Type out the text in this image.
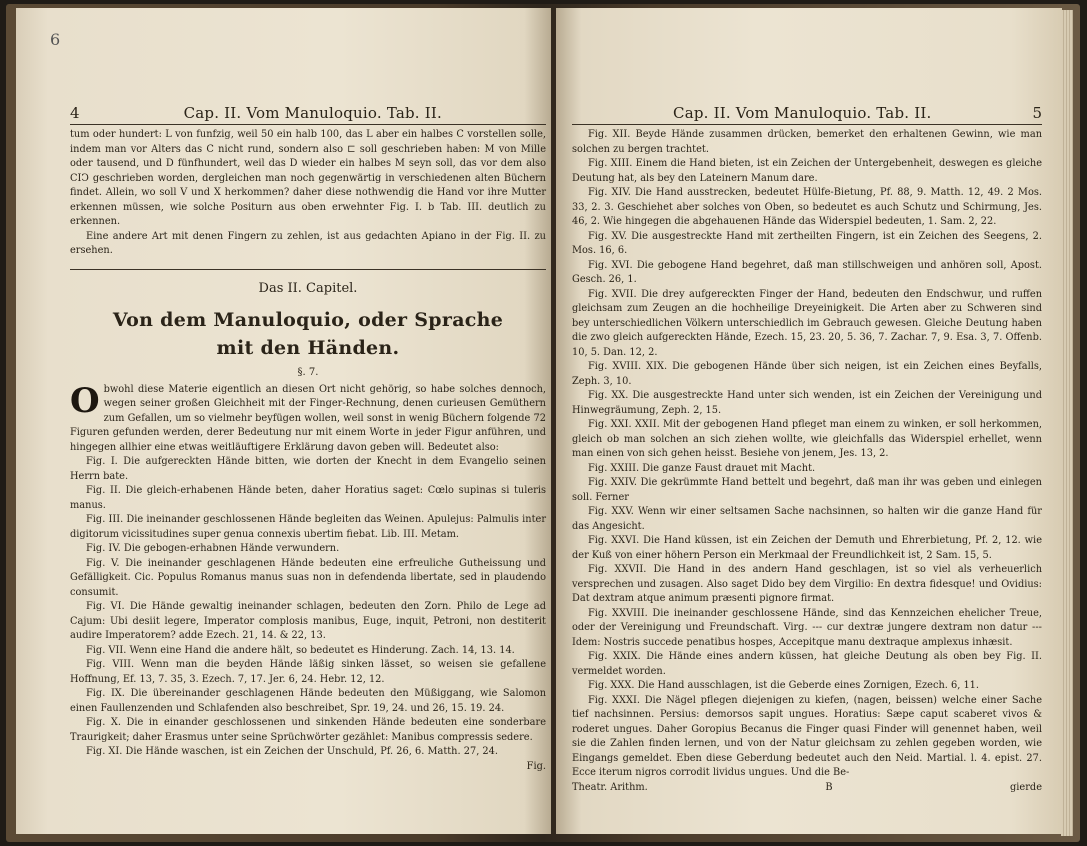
6
4	Cap. II. Vom Manuloquio. Tab. II.

tum oder hundert: L von funfzig, weil 50 ein halb 100, das L aber ein halbes C vorstellen solle, indem man vor Alters das C nicht rund, sondern also ⊏ soll geschrieben haben: M von Mille oder tausend, und D fünfhundert, weil das D wieder ein halbes M seyn soll, das vor dem also CIↃ geschrieben worden, dergleichen man noch gegenwärtig in verschiedenen alten Büchern findet. Allein, wo soll V und X herkommen? daher diese nothwendig die Hand vor ihre Mutter erkennen müssen, wie solche Positurn aus oben erwehnter Fig. I. b Tab. III. deutlich zu erkennen.

Eine andere Art mit denen Fingern zu zehlen, ist aus gedachten Apiano in der Fig. II. zu ersehen.

Das II. Capitel.
Von dem Manuloquio, oder Sprache
mit den Händen.
§. 7.

Obwohl diese Materie eigentlich an diesen Ort nicht gehörig, so habe solches dennoch, wegen seiner großen Gleichheit mit der Finger-Rechnung, denen curieusen Gemüthern zum Gefallen, um so vielmehr beyfügen wollen, weil sonst in wenig Büchern folgende 72 Figuren gefunden werden, derer Bedeutung nur mit einem Worte in jeder Figur anführen, und hingegen allhier eine etwas weitläuftigere Erklärung davon geben will. Bedeutet also:

Fig. I. Die aufgereckten Hände bitten, wie dorten der Knecht in dem Evangelio seinen Herrn bate.

Fig. II. Die gleich-erhabenen Hände beten, daher Horatius saget: Cœlo supinas si tuleris manus.

Fig. III. Die ineinander geschlossenen Hände begleiten das Weinen. Apulejus: Palmulis inter digitorum vicissitudines super genua connexis ubertim fiebat. Lib. III. Metam.

Fig. IV. Die gebogen-erhabnen Hände verwundern.

Fig. V. Die ineinander geschlagenen Hände bedeuten eine erfreuliche Gutheissung und Gefälligkeit. Cic. Populus Romanus manus suas non in defendenda libertate, sed in plaudendo consumit.

Fig. VI. Die Hände gewaltig ineinander schlagen, bedeuten den Zorn. Philo de Lege ad Cajum: Ubi desiit legere, Imperator complosis manibus, Euge, inquit, Petroni, non destiterit audire Imperatorem? adde Ezech. 21, 14. & 22, 13.

Fig. VII. Wenn eine Hand die andere hält, so bedeutet es Hinderung. Zach. 14, 13. 14.

Fig. VIII. Wenn man die beyden Hände läßig sinken lässet, so weisen sie gefallene Hoffnung, Ef. 13, 7. 35, 3. Ezech. 7, 17. Jer. 6, 24. Hebr. 12, 12.

Fig. IX. Die übereinander geschlagenen Hände bedeuten den Müßiggang, wie Salomon einen Faullenzenden und Schlafenden also beschreibet, Spr. 19, 24. und 26, 15. 19. 24.

Fig. X. Die in einander geschlossenen und sinkenden Hände bedeuten eine sonderbare Traurigkeit; daher Erasmus unter seine Sprüchwörter gezählet: Manibus compressis sedere.

Fig. XI. Die Hände waschen, ist ein Zeichen der Unschuld, Pf. 26, 6. Matth. 27, 24.

Fig.
Cap. II. Vom Manuloquio. Tab. II.	5

Fig. XII. Beyde Hände zusammen drücken, bemerket den erhaltenen Gewinn, wie man solchen zu bergen trachtet.

Fig. XIII. Einem die Hand bieten, ist ein Zeichen der Untergebenheit, deswegen es gleiche Deutung hat, als bey den Lateinern Manum dare.

Fig. XIV. Die Hand ausstrecken, bedeutet Hülfe-Bietung, Pf. 88, 9. Matth. 12, 49. 2 Mos. 33, 2. 3. Geschiehet aber solches von Oben, so bedeutet es auch Schutz und Schirmung, Jes. 46, 2. Wie hingegen die abgehauenen Hände das Widerspiel bedeuten, 1. Sam. 2, 22.

Fig. XV. Die ausgestreckte Hand mit zertheilten Fingern, ist ein Zeichen des Seegens, 2. Mos. 16, 6.

Fig. XVI. Die gebogene Hand begehret, daß man stillschweigen und anhören soll, Apost. Gesch. 26, 1.

Fig. XVII. Die drey aufgereckten Finger der Hand, bedeuten den Endschwur, und ruffen gleichsam zum Zeugen an die hochheilige Dreyeinigkeit. Die Arten aber zu Schweren sind bey unterschiedlichen Völkern unterschiedlich im Gebrauch gewesen. Gleiche Deutung haben die zwo gleich aufgereckten Hände, Ezech. 15, 23. 20, 5. 36, 7. Zachar. 7, 9. Esa. 3, 7. Offenb. 10, 5. Dan. 12, 2.

Fig. XVIII. XIX. Die gebogenen Hände über sich neigen, ist ein Zeichen eines Beyfalls, Zeph. 3, 10.

Fig. XX. Die ausgestreckte Hand unter sich wenden, ist ein Zeichen der Vereinigung und Hinwegräumung, Zeph. 2, 15.

Fig. XXI. XXII. Mit der gebogenen Hand pfleget man einem zu winken, er soll herkommen, gleich ob man solchen an sich ziehen wollte, wie gleichfalls das Widerspiel erhellet, wenn man einen von sich gehen heisst. Besiehe von jenem, Jes. 13, 2.

Fig. XXIII. Die ganze Faust drauet mit Macht.

Fig. XXIV. Die gekrümmte Hand bettelt und begehrt, daß man ihr was geben und einlegen soll. Ferner

Fig. XXV. Wenn wir einer seltsamen Sache nachsinnen, so halten wir die ganze Hand für das Angesicht.

Fig. XXVI. Die Hand küssen, ist ein Zeichen der Demuth und Ehrerbietung, Pf. 2, 12. wie der Kuß von einer höhern Person ein Merkmaal der Freundlichkeit ist, 2 Sam. 15, 5.

Fig. XXVII. Die Hand in des andern Hand geschlagen, ist so viel als verheuerlich versprechen und zusagen. Also saget Dido bey dem Virgilio: En dextra fidesque! und Ovidius: Dat dextram atque animum præsenti pignore firmat.

Fig. XXVIII. Die ineinander geschlossene Hände, sind das Kennzeichen ehelicher Treue, oder der Vereinigung und Freundschaft. Virg. --- cur dextræ jungere dextram non datur --- Idem: Nostris succede penatibus hospes, Accepitque manu dextraque amplexus inhæsit.

Fig. XXIX. Die Hände eines andern küssen, hat gleiche Deutung als oben bey Fig. II. vermeldet worden.

Fig. XXX. Die Hand ausschlagen, ist die Geberde eines Zornigen, Ezech. 6, 11.

Fig. XXXI. Die Nägel pflegen diejenigen zu kiefen, (nagen, beissen) welche einer Sache tief nachsinnen. Persius: demorsos sapit ungues. Horatius: Sæpe caput scaberet vivos & roderet ungues. Daher Goropius Becanus die Finger quasi Finder will genennet haben, weil sie die Zahlen finden lernen, und von der Natur gleichsam zu zehlen gegeben worden, wie Eingangs gemeldet. Eben diese Geberdung bedeutet auch den Neid. Martial. l. 4. epist. 27. Ecce iterum nigros corrodit lividus ungues. Und die Be-

Theatr. Arithm.	B	gierde
